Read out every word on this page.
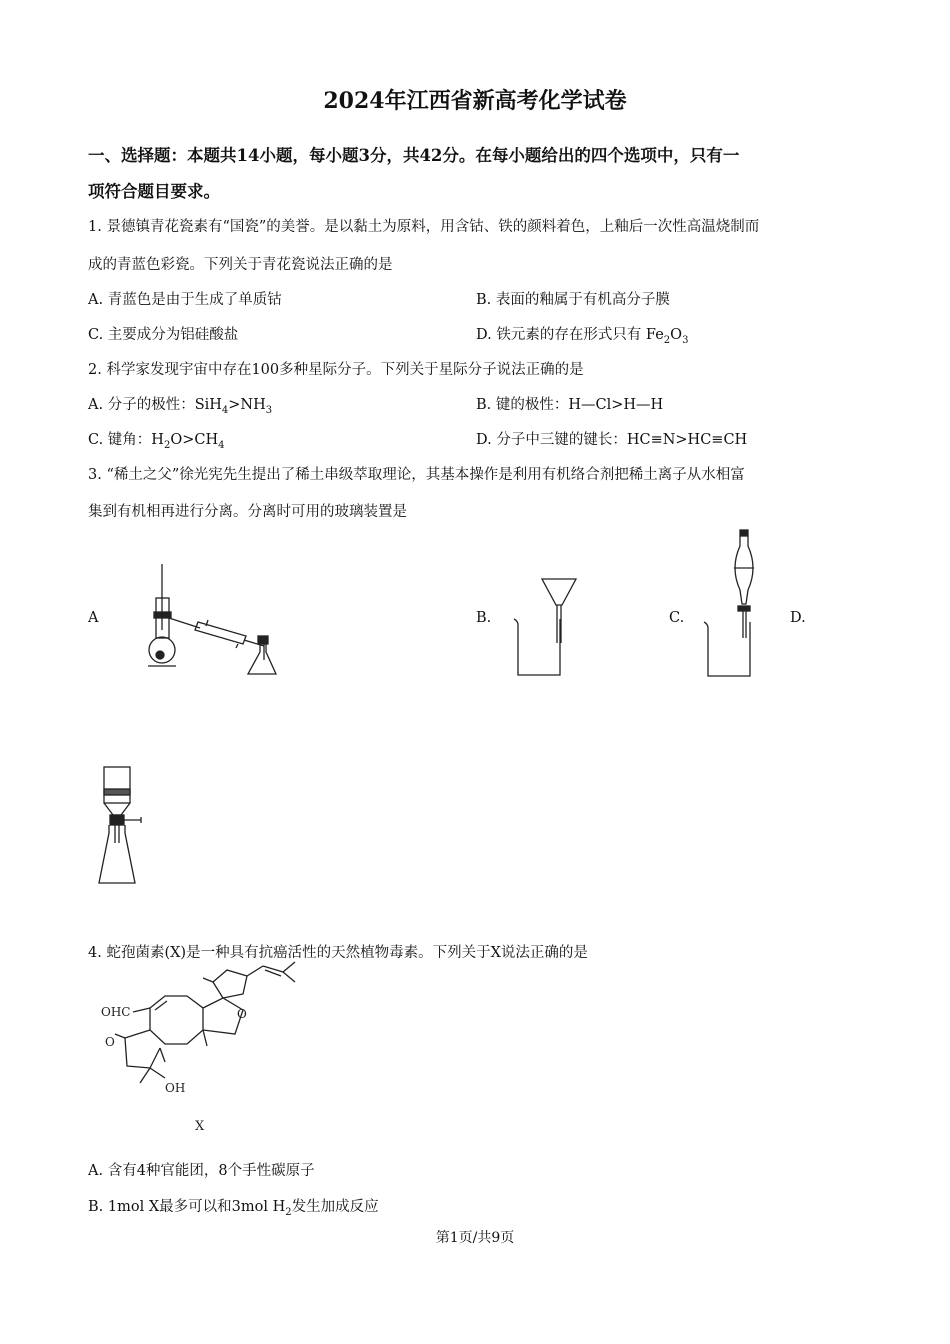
2024年江西省新高考化学试卷
一、选择题：本题共14小题，每小题3分，共42分。在每小题给出的四个选项中，只有一
项符合题目要求。
1. 景德镇青花瓷素有“国瓷”的美誉。是以黏土为原料，用含钴、铁的颜料着色，上釉后一次性高温烧制而
成的青蓝色彩瓷。下列关于青花瓷说法正确的是
A. 青蓝色是由于生成了单质钴	B. 表面的釉属于有机高分子膜
C. 主要成分为铝硅酸盐	D. 铁元素的存在形式只有 $Fe_2O_3$
2. 科学家发现宇宙中存在100多种星际分子。下列关于星际分子说法正确的是
A. 分子的极性：$SiH_4>NH_3$	B. 键的极性：H—Cl>H—H
C. 键角：$H_2O>CH_4$	D. 分子中三键的键长：HC≡N>HC≡CH
3. “稀土之父”徐光宪先生提出了稀土串级萃取理论，其基本操作是利用有机络合剂把稀土离子从水相富
集到有机相再进行分离。分离时可用的玻璃装置是
A	B.	C.	D.
4. 蛇孢菌素(X)是一种具有抗癌活性的天然植物毒素。下列关于X说法正确的是
OHC
O
O
OH
X
A. 含有4种官能团，8个手性碳原子
B. 1mol X最多可以和3mol $H_2$发生加成反应
第1页/共9页
